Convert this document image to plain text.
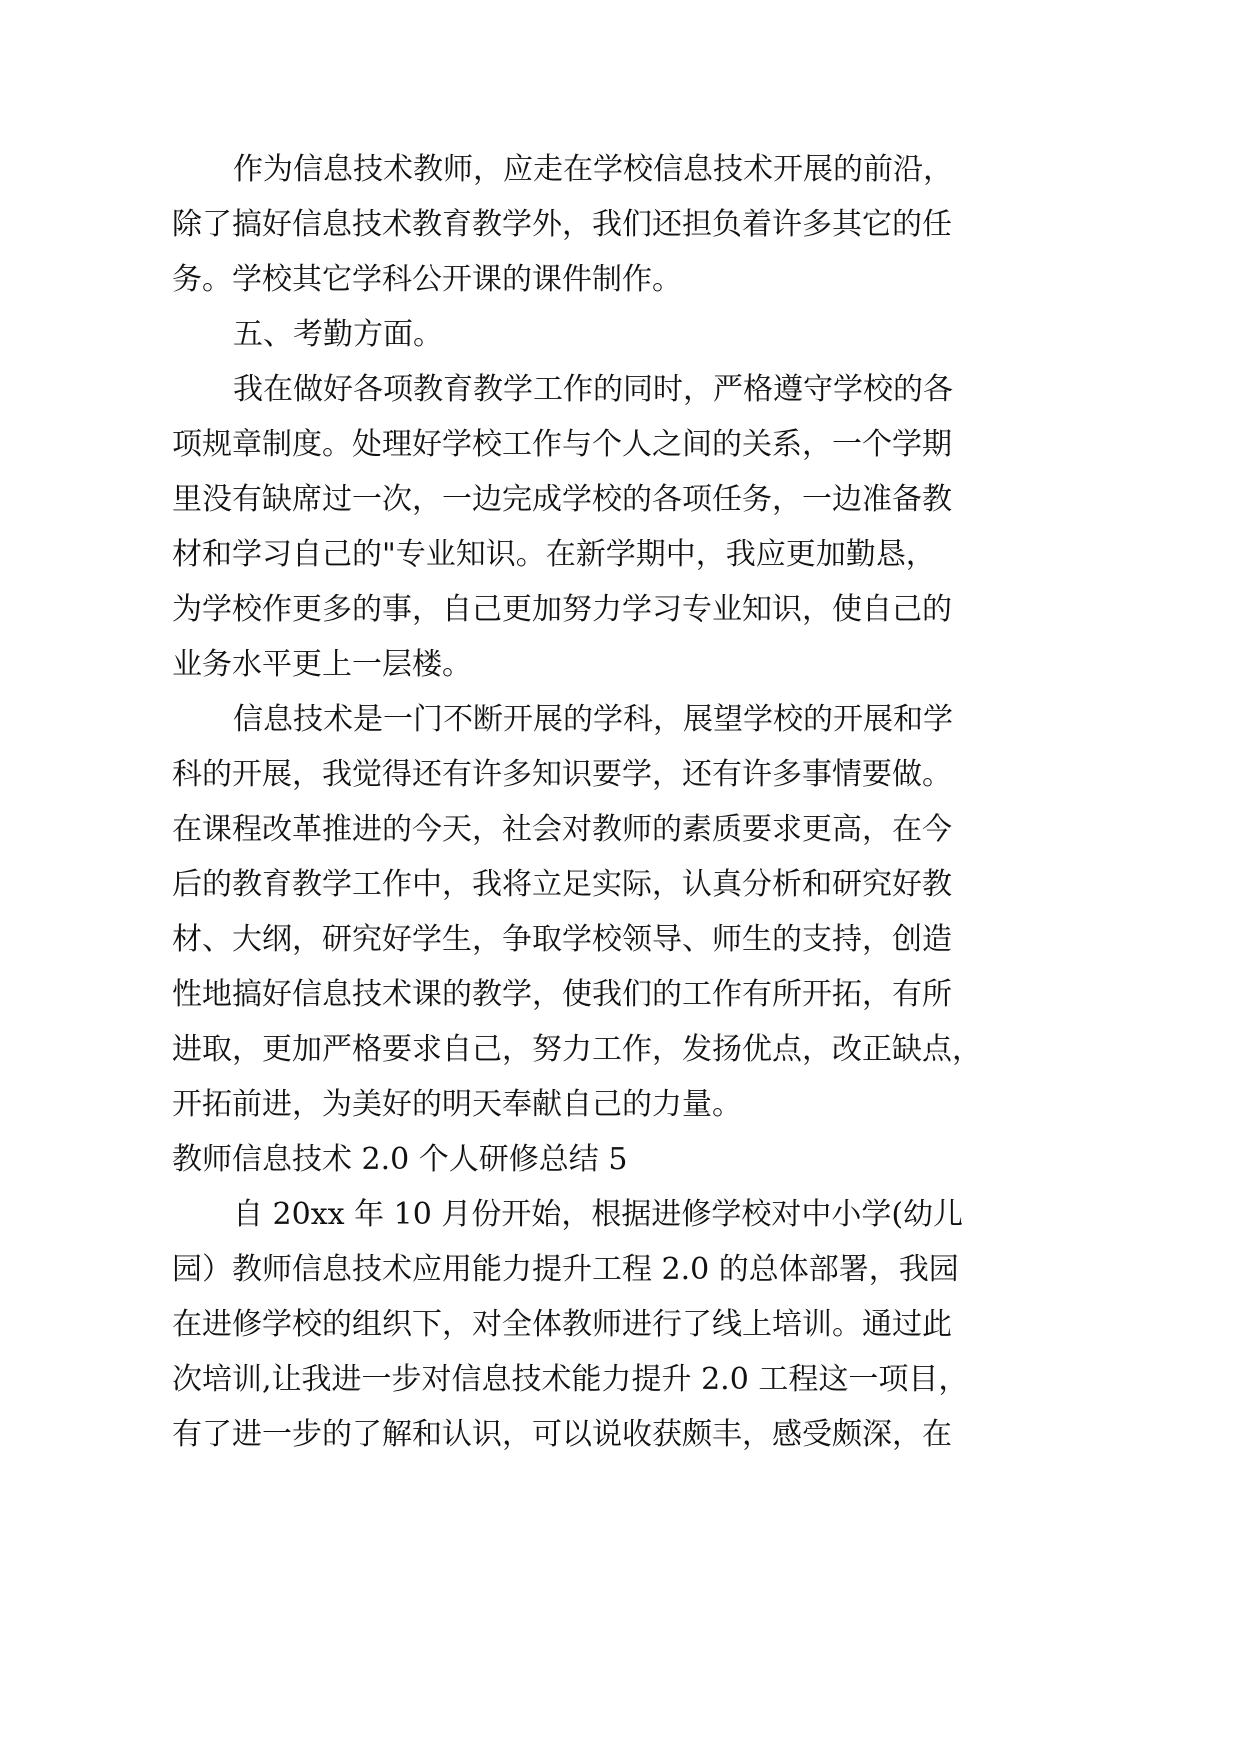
作为信息技术教师，应走在学校信息技术开展的前沿，
除了搞好信息技术教育教学外，我们还担负着许多其它的任
务。学校其它学科公开课的课件制作。
五、考勤方面。
我在做好各项教育教学工作的同时，严格遵守学校的各
项规章制度。处理好学校工作与个人之间的关系，一个学期
里没有缺席过一次，一边完成学校的各项任务，一边准备教
材和学习自己的"专业知识。在新学期中，我应更加勤恳，
为学校作更多的事，自己更加努力学习专业知识，使自己的
业务水平更上一层楼。
信息技术是一门不断开展的学科，展望学校的开展和学
科的开展，我觉得还有许多知识要学，还有许多事情要做。
在课程改革推进的今天，社会对教师的素质要求更高，在今
后的教育教学工作中，我将立足实际，认真分析和研究好教
材、大纲，研究好学生，争取学校领导、师生的支持，创造
性地搞好信息技术课的教学，使我们的工作有所开拓，有所
进取，更加严格要求自己，努力工作，发扬优点，改正缺点，
开拓前进，为美好的明天奉献自己的力量。
教师信息技术 2.0 个人研修总结 5
自 20xx 年 10 月份开始，根据进修学校对中小学(幼儿
园）教师信息技术应用能力提升工程 2.0 的总体部署，我园
在进修学校的组织下，对全体教师进行了线上培训。通过此
次培训,让我进一步对信息技术能力提升 2.0 工程这一项目，
有了进一步的了解和认识，可以说收获颇丰，感受颇深，在
